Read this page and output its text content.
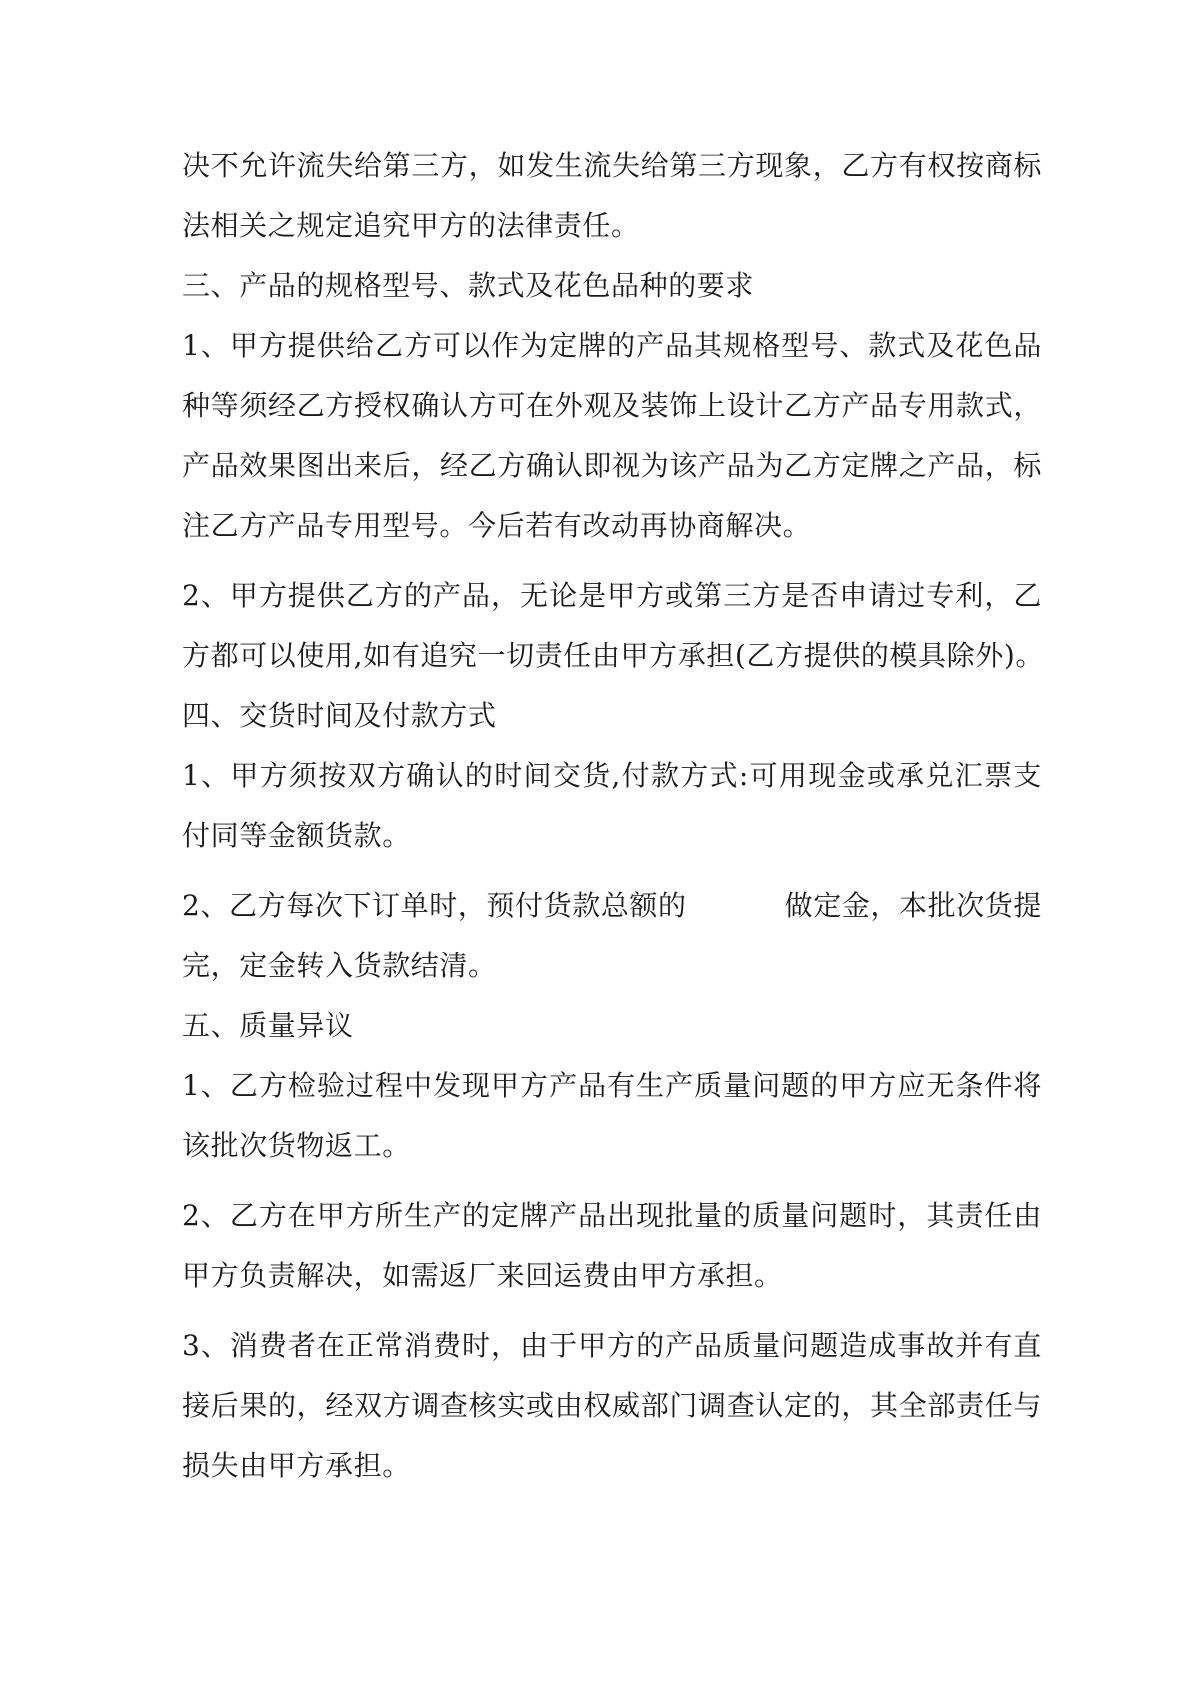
决不允许流失给第三方，如发生流失给第三方现象，乙方有权按商标
法相关之规定追究甲方的法律责任。
三、产品的规格型号、款式及花色品种的要求
1、甲方提供给乙方可以作为定牌的产品其规格型号、款式及花色品
种等须经乙方授权确认方可在外观及装饰上设计乙方产品专用款式，
产品效果图出来后，经乙方确认即视为该产品为乙方定牌之产品，标
注乙方产品专用型号。今后若有改动再协商解决。
2、甲方提供乙方的产品，无论是甲方或第三方是否申请过专利，乙
方都可以使用,如有追究一切责任由甲方承担(乙方提供的模具除外)。
四、交货时间及付款方式
1、甲方须按双方确认的时间交货,付款方式:可用现金或承兑汇票支
付同等金额货款。
2、乙方每次下订单时，预付货款总额的	做定金，本批次货提
完，定金转入货款结清。
五、质量异议
1、乙方检验过程中发现甲方产品有生产质量问题的甲方应无条件将
该批次货物返工。
2、乙方在甲方所生产的定牌产品出现批量的质量问题时，其责任由
甲方负责解决，如需返厂来回运费由甲方承担。
3、消费者在正常消费时，由于甲方的产品质量问题造成事故并有直
接后果的，经双方调查核实或由权威部门调查认定的，其全部责任与
损失由甲方承担。
